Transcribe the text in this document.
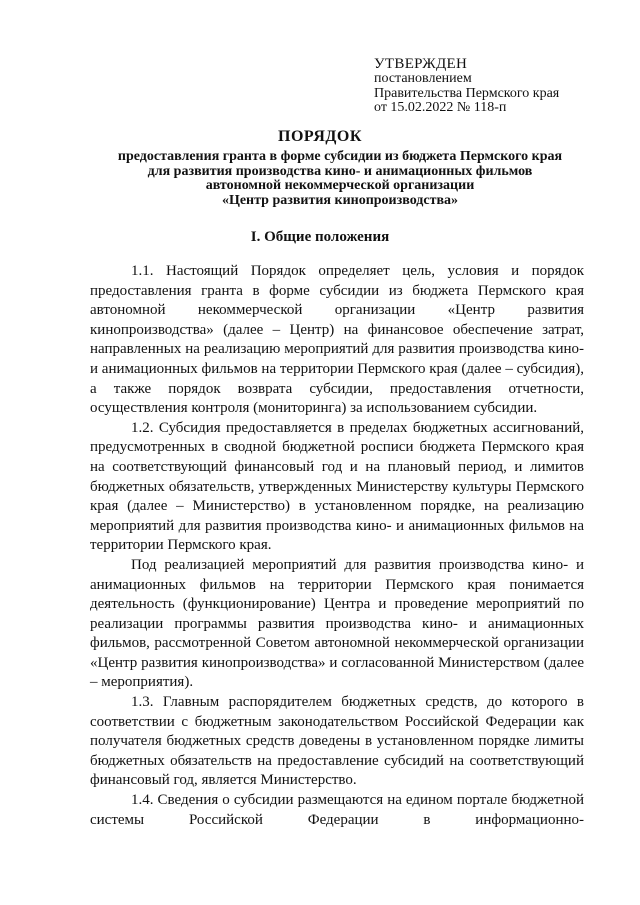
УТВЕРЖДЕН
постановлением
Правительства Пермского края
от 15.02.2022 № 118-п
ПОРЯДОК
предоставления гранта в форме субсидии из бюджета Пермского края
для развития производства кино- и анимационных фильмов
автономной некоммерческой организации
«Центр развития кинопроизводства»
I. Общие положения

1.1. Настоящий Порядок определяет цель, условия и порядок предоставления гранта в форме субсидии из бюджета Пермского края автономной некоммерческой организации «Центр развития кинопроизводства» (далее – Центр) на финансовое обеспечение затрат, направленных на реализацию мероприятий для развития производства кино- и анимационных фильмов на территории Пермского края (далее – субсидия), а также порядок возврата субсидии, предоставления отчетности, осуществления контроля (мониторинга) за использованием субсидии.

1.2. Субсидия предоставляется в пределах бюджетных ассигнований, предусмотренных в сводной бюджетной росписи бюджета Пермского края на соответствующий финансовый год и на плановый период, и лимитов бюджетных обязательств, утвержденных Министерству культуры Пермского края (далее – Министерство) в установленном порядке, на реализацию мероприятий для развития производства кино- и анимационных фильмов на территории Пермского края.

Под реализацией мероприятий для развития производства кино- и анимационных фильмов на территории Пермского края понимается деятельность (функционирование) Центра и проведение мероприятий по реализации программы развития производства кино- и анимационных фильмов, рассмотренной Советом автономной некоммерческой организации «Центр развития кинопроизводства» и согласованной Министерством (далее – мероприятия).

1.3. Главным распорядителем бюджетных средств, до которого в соответствии с бюджетным законодательством Российской Федерации как получателя бюджетных средств доведены в установленном порядке лимиты бюджетных обязательств на предоставление субсидий на соответствующий финансовый год, является Министерство.

1.4. Сведения о субсидии размещаются на едином портале бюджетной системы Российской Федерации в информационно-
